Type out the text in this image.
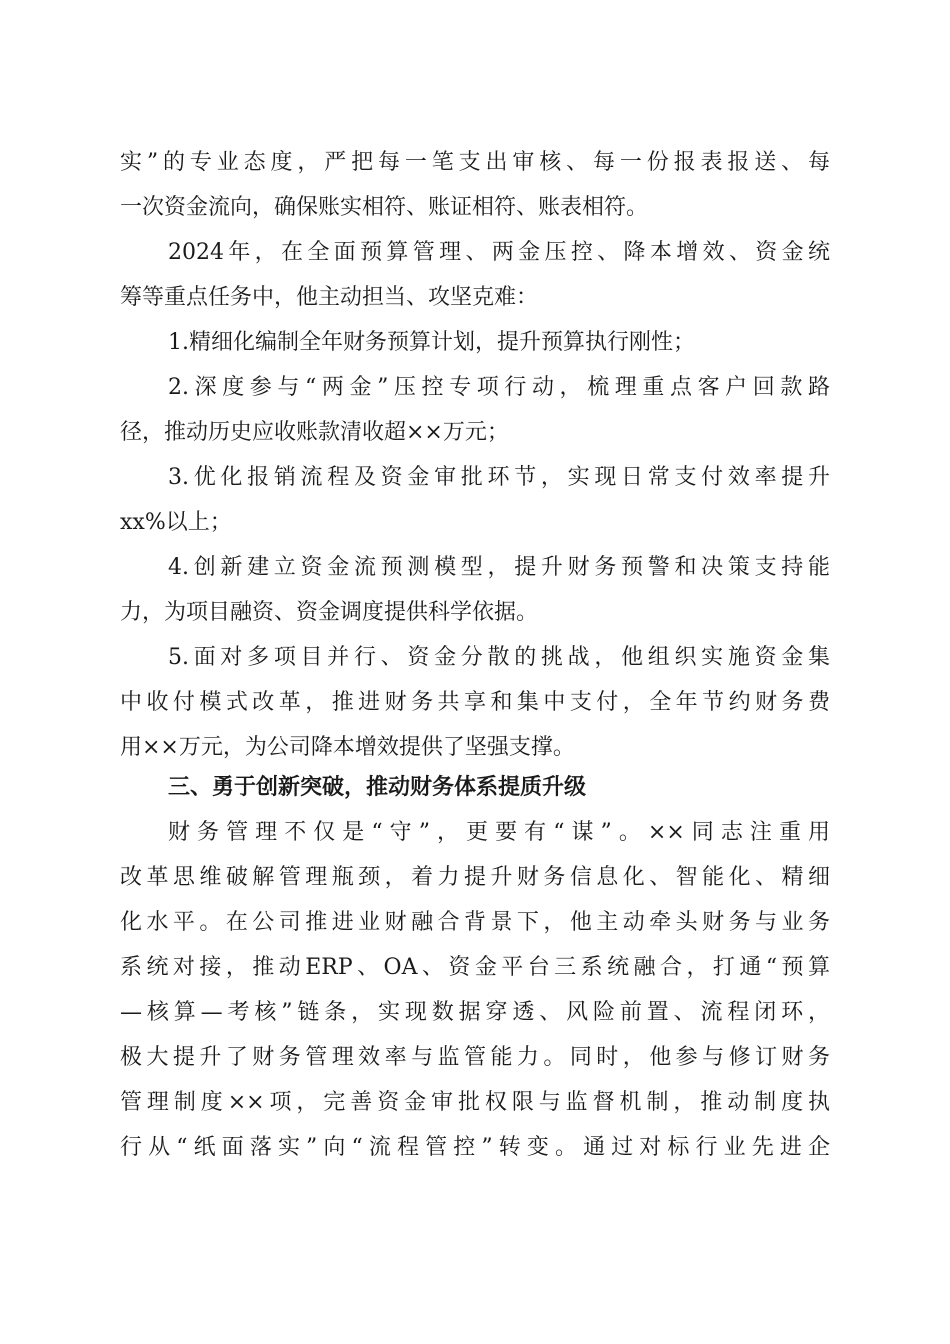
实”的专业态度，严把每一笔支出审核、每一份报表报送、每
一次资金流向，确保账实相符、账证相符、账表相符。
2024年，在全面预算管理、两金压控、降本增效、资金统
筹等重点任务中，他主动担当、攻坚克难：
1.精细化编制全年财务预算计划，提升预算执行刚性；
2.深度参与“两金”压控专项行动，梳理重点客户回款路
径，推动历史应收账款清收超××万元；
3.优化报销流程及资金审批环节，实现日常支付效率提升
xx%以上；
4.创新建立资金流预测模型，提升财务预警和决策支持能
力，为项目融资、资金调度提供科学依据。
5.面对多项目并行、资金分散的挑战，他组织实施资金集
中收付模式改革，推进财务共享和集中支付，全年节约财务费
用××万元，为公司降本增效提供了坚强支撑。
三、勇于创新突破，推动财务体系提质升级
财务管理不仅是“守”，更要有“谋”。××同志注重用
改革思维破解管理瓶颈，着力提升财务信息化、智能化、精细
化水平。在公司推进业财融合背景下，他主动牵头财务与业务
系统对接，推动ERP、OA、资金平台三系统融合，打通“预算
—核算—考核”链条，实现数据穿透、风险前置、流程闭环，
极大提升了财务管理效率与监管能力。同时，他参与修订财务
管理制度××项，完善资金审批权限与监督机制，推动制度执
行从“纸面落实”向“流程管控”转变。通过对标行业先进企
